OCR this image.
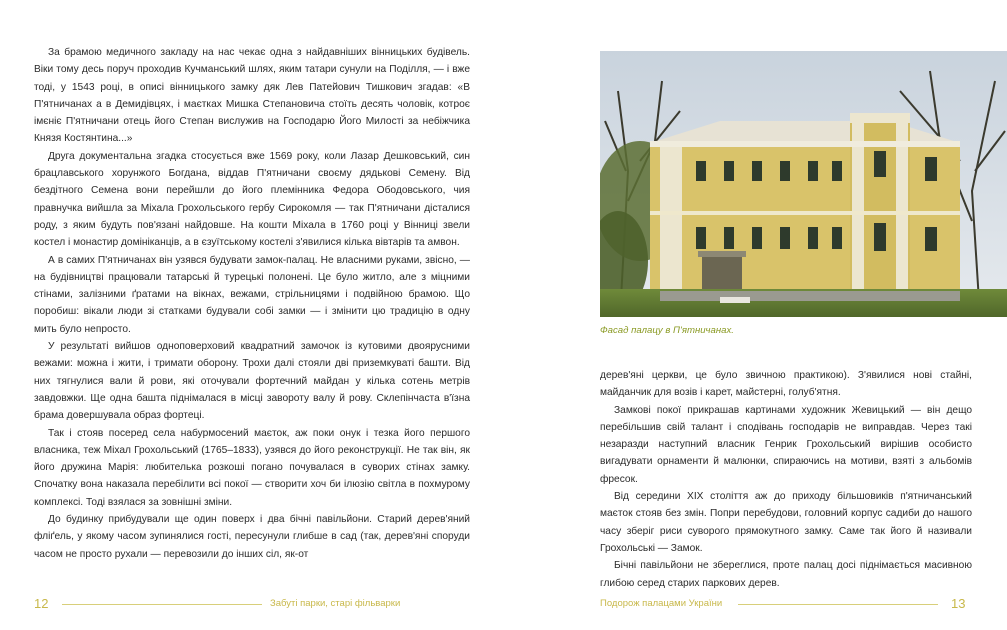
За брамою медичного закладу на нас чекає одна з найдавніших вінницьких будівель. Віки тому десь поруч проходив Кучманський шлях, яким татари сунули на Поділля, — і вже тоді, у 1543 році, в описі вінницького замку дяк Лев Патейович Тишкович згадав: «В П'ятничанах а в Демидівцях, і маєтках Мишка Степановича стоїть десять чоловік, котроє імєніє П'ятничани отець його Степан вислужив на Господарю Його Милості за небіжчика Князя Костянтина...»

Друга документальна згадка стосується вже 1569 року, коли Лазар Дешковський, син брацлавського хорунжого Богдана, віддав П'ятничани своєму дядькові Семену. Від бездітного Семена вони перейшли до його племінника Федора Ободовського, чия правнучка вийшла за Міхала Грохольського гербу Сирокомля — так П'ятничани дісталися роду, з яким будуть пов'язані найдовше. На кошти Міхала в 1760 році у Вінниці звели костел і монастир домініканців, а в єзуїтському костелі з'явилися кілька вівтарів та амвон.

А в самих П'ятничанах він узявся будувати замок-палац. Не власними руками, звісно, — на будівництві працювали татарські й турецькі полонені. Це було житло, але з міцними стінами, залізними ґратами на вікнах, вежами, стрільницями і подвійною брамою. Що поробиш: вікали люди зі статками будували собі замки — і змінити цю традицію в одну мить було непросто.

У результаті вийшов одноповерховий квадратний замочок із кутовими двоярусними вежами: можна і жити, і тримати оборону. Трохи далі стояли дві приземкуваті башти. Від них тягнулися вали й рови, які оточували фортечний майдан у кілька сотень метрів завдовжки. Ще одна башта піднімалася в місці завороту валу й рову. Склепінчаста в'їзна брама довершувала образ фортеці.

Так і стояв посеред села набурмосений маєток, аж поки онук і тезка його першого власника, теж Міхал Грохольський (1765–1833), узявся до його реконструкції. Не так він, як його дружина Марія: любителька розкоші погано почувалася в суворих стінах замку. Спочатку вона наказала перебілити всі покої — створити хоч би ілюзію світла в похмурому комплексі. Тоді взялася за зовнішні зміни.

До будинку прибудували ще один поверх і два бічні павільйони. Старий дерев'яний фліґель, у якому часом зупинялися гості, пересунули глибше в сад (так, дерев'яні споруди часом не просто рухали — перевозили до інших сіл, як-от

12	Забуті парки, старі фільварки
Фасад палацу в П'ятничанах.

дерев'яні церкви, це було звичною практикою). З'явилися нові стайні, майданчик для возів і карет, майстерні, голуб'ятня.

Замкові покої прикрашав картинами художник Жевицький — він дещо перебільшив свій талант і сподівань господарів не виправдав. Через такі незаразди наступний власник Генрик Грохольський вирішив особисто вигадувати орнаменти й малюнки, спираючись на мотиви, взяті з альбомів фресок.

Від середини XIX століття аж до приходу більшовиків п'ятничанський маєток стояв без змін. Попри перебудови, головний корпус садиби до нашого часу зберіг риси суворого прямокутного замку. Саме так його й називали Грохольські — Замок.

Бічні павільйони не збереглися, проте палац досі піднімається масивною глибою серед старих паркових дерев.

Подорож палацами України	13
